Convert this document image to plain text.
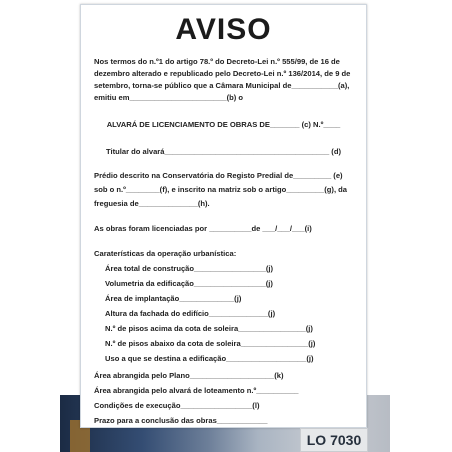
AVISO
Nos termos do n.º1 do artigo 78.º do Decreto-Lei n.º 555/99, de 16 de
dezembro alterado e republicado pelo Decreto-Lei n.º 136/2014, de 9 de
setembro, torna-se público que a Câmara Municipal de___________(a),
emitiu em_______________________(b) o
ALVARÁ DE LICENCIAMENTO DE OBRAS DE_______ (c) N.º____
Titular do alvará_______________________________________ (d)
Prédio descrito na Conservatória do Registo Predial de_________ (e)
sob o n.º________(f), e inscrito na matriz sob o artigo_________(g), da
freguesia de______________(h).
As obras foram licenciadas por __________de ___/___/___(i)
Caraterísticas da operação urbanística:
Área total de construção_________________(j)
Volumetria da edificação_________________(j)
Área de implantação_____________(j)
Altura da fachada do edifício______________(j)
N.º de pisos acima da cota de soleira________________(j)
N.º de pisos abaixo da cota de soleira________________(j)
Uso a que se destina a edificação___________________(j)
Área abrangida pelo Plano____________________(k)
Área abrangida pelo alvará de loteamento n.º__________
Condições de execução_________________(l)
Prazo para a conclusão das obras____________
LO 7030
